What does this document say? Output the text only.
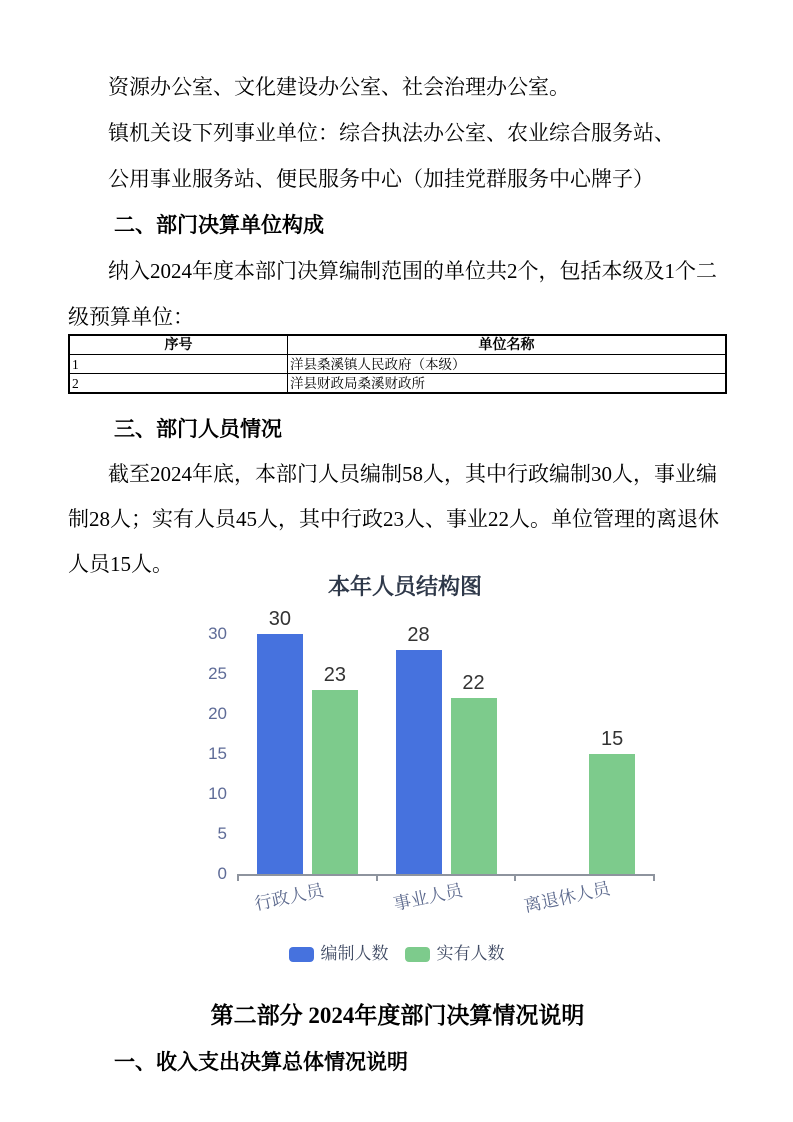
资源办公室、文化建设办公室、社会治理办公室。
镇机关设下列事业单位：综合执法办公室、农业综合服务站、
公用事业服务站、便民服务中心（加挂党群服务中心牌子）
二、部门决算单位构成
纳入2024年度本部门决算编制范围的单位共2个，包括本级及1个二
级预算单位：
序号	单位名称
1	洋县桑溪镇人民政府（本级）
2	洋县财政局桑溪财政所
三、部门人员情况
截至2024年底，本部门人员编制58人，其中行政编制30人，事业编
制28人；实有人员45人，其中行政23人、事业22人。单位管理的离退休
人员15人。
第二部分 2024年度部门决算情况说明
一、收入支出决算总体情况说明
本年人员结构图
0
5
10
15
20
25
30
30
23
行政人员
28
22
事业人员
15
离退休人员
编制人数	实有人数
